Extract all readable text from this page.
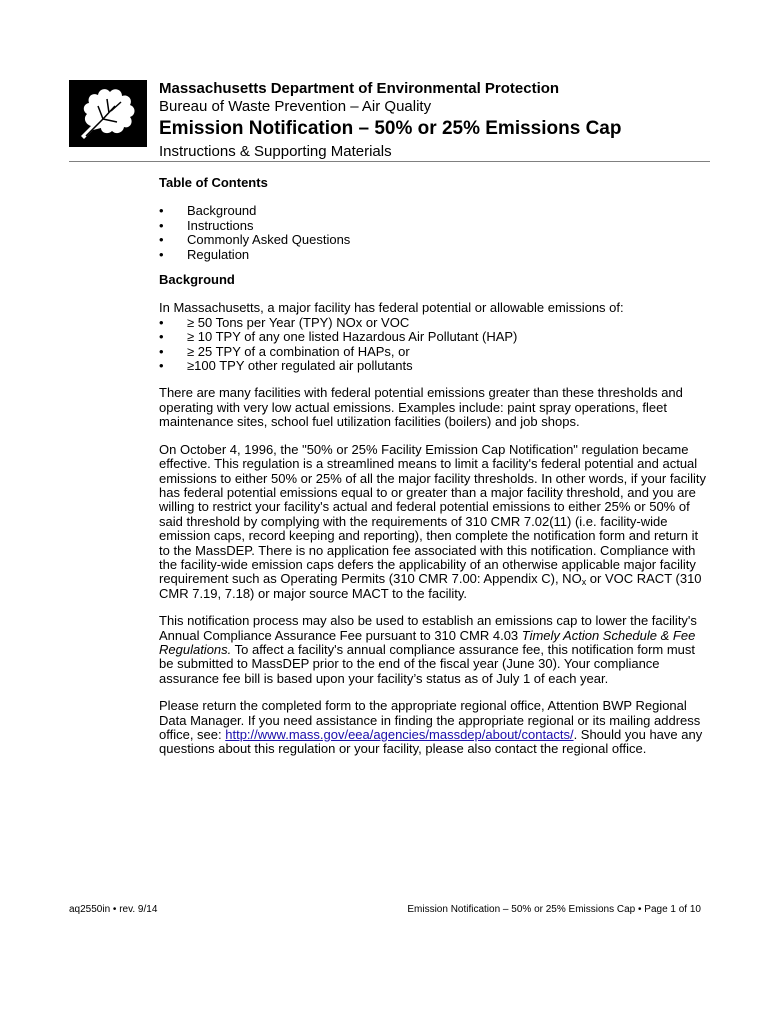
Massachusetts Department of Environmental Protection
Bureau of Waste Prevention – Air Quality
Emission Notification – 50% or 25% Emissions Cap
Instructions & Supporting Materials

Table of Contents

• Background
• Instructions
• Commonly Asked Questions
• Regulation

Background

In Massachusetts, a major facility has federal potential or allowable emissions of:

• ≥ 50 Tons per Year (TPY) NOx or VOC
• ≥ 10 TPY of any one listed Hazardous Air Pollutant (HAP)
• ≥ 25 TPY of a combination of HAPs, or
• ≥100 TPY other regulated air pollutants

There are many facilities with federal potential emissions greater than these thresholds and operating with very low actual emissions. Examples include: paint spray operations, fleet maintenance sites, school fuel utilization facilities (boilers) and job shops.

On October 4, 1996, the "50% or 25% Facility Emission Cap Notification" regulation became effective. This regulation is a streamlined means to limit a facility's federal potential and actual emissions to either 50% or 25% of all the major facility thresholds. In other words, if your facility has federal potential emissions equal to or greater than a major facility threshold, and you are willing to restrict your facility's actual and federal potential emissions to either 25% or 50% of said threshold by complying with the requirements of 310 CMR 7.02(11) (i.e. facility-wide emission caps, record keeping and reporting), then complete the notification form and return it to the MassDEP. There is no application fee associated with this notification. Compliance with the facility-wide emission caps defers the applicability of an otherwise applicable major facility requirement such as Operating Permits (310 CMR 7.00: Appendix C), $NO_x$ or VOC RACT (310 CMR 7.19, 7.18) or major source MACT to the facility.

This notification process may also be used to establish an emissions cap to lower the facility's Annual Compliance Assurance Fee pursuant to 310 CMR 4.03 Timely Action Schedule & Fee Regulations. To affect a facility's annual compliance assurance fee, this notification form must be submitted to MassDEP prior to the end of the fiscal year (June 30). Your compliance assurance fee bill is based upon your facility’s status as of July 1 of each year.

Please return the completed form to the appropriate regional office, Attention BWP Regional Data Manager. If you need assistance in finding the appropriate regional or its mailing address office, see: http://www.mass.gov/eea/agencies/massdep/about/contacts/. Should you have any questions about this regulation or your facility, please also contact the regional office.

aq2550in • rev. 9/14	Emission Notification – 50% or 25% Emissions Cap • Page 1 of 10
